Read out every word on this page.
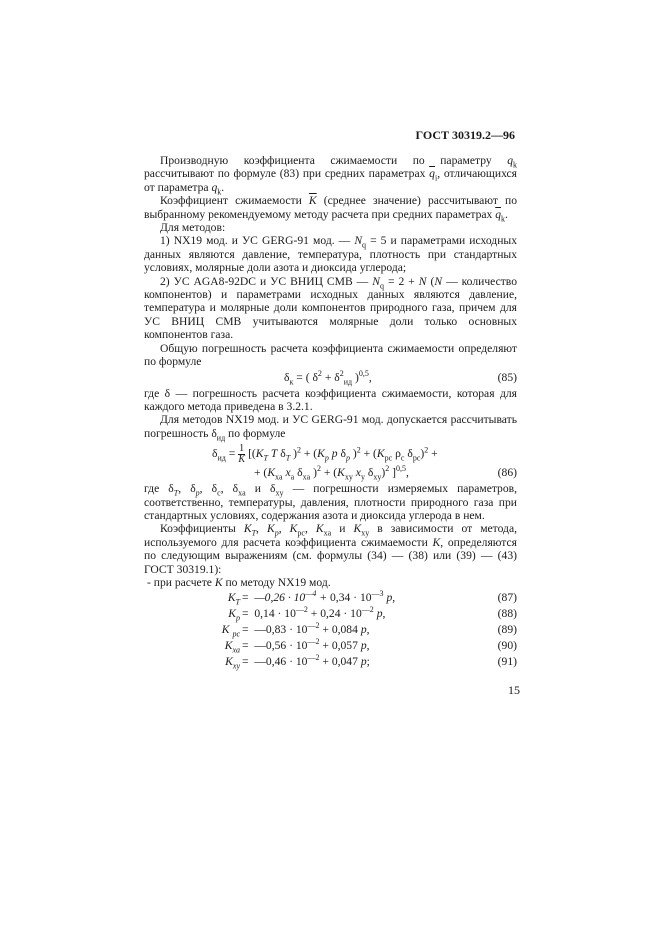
ГОСТ 30319.2—96

Производную коэффициента сжимаемости по параметру $q_k$ рассчитывают по формуле (83) при средних параметрах $\overline{q}_i$, отличающихся от параметра $q_k$.

Коэффициент сжимаемости $\overline{K}$ (среднее значение) рассчитывают по выбранному рекомендуемому методу расчета при средних параметрах $\overline{q}_k$.

Для методов:

1) NX19 мод. и УС GERG-91 мод. — $N_q = 5$ и параметрами исходных данных являются давление, температура, плотность при стандартных условиях, молярные доли азота и диоксида углерода;

2) УС AGA8-92DC и УС ВНИЦ СМВ — $N_q = 2 + N$ (N — количество компонентов) и параметрами исходных данных являются давление, температура и молярные доли компонентов природного газа, причем для УС ВНИЦ СМВ учитываются молярные доли только основных компонентов газа.

Общую погрешность расчета коэффициента сжимаемости определяют по формуле

$\delta_к$ = ( $\delta^2 + \delta^2_{ид}$ )$^{0,5}$,	(85)

где δ — погрешность расчета коэффициента сжимаемости, которая для каждого метода приведена в 3.2.1.

Для методов NX19 мод. и УС GERG-91 мод. допускается рассчитывать погрешность $\delta_{ид}$ по формуле

$\delta_{ид} = \frac{1}{K} [(K_T$ T $\delta_T$ )$^2 + (K_p$ p $\delta_p$ )$^2 + (K_{рс}$ $\rho_с$ $\delta_{рс})^2$ +
+ ($K_{xa}$ $x_a$ $\delta_{xa}$ )$^2 + (K_{xy}$ $x_y$ $\delta_{xy})^2$ ]$^{0,5}$,	(86)

где $\delta_T$, $\delta_p$, $\delta_с$, $\delta_{xa}$ и $\delta_{xy}$ — погрешности измеряемых параметров, соответственно, температуры, давления, плотности природного газа при стандартных условиях, содержания азота и диоксида углерода в нем.

Коэффициенты $K_T$, $K_p$, $K_{рс}$, $K_{xa}$ и $K_{xy}$ в зависимости от метода, используемого для расчета коэффициента сжимаемости K, определяются по следующим выражениям (см. формулы (34) — (38) или (39) — (43) ГОСТ 30319.1):

- при расчете K по методу NX19 мод.

$K_T$ =  —0,26 · $10^{—4} + 0,34 \cdot 10^{—3}$ p,	(87)
$K_p = 0,14 \cdot 10^{—2} + 0,24 \cdot 10^{—2}$ p,	(88)
K $_{рс}$ =  —0,83 · $10^{—2} + 0,084$ p,	(89)
$K_{xa}$ =  —0,56 · $10^{—2} + 0,057$ p,	(90)
$K_{xy}$ =  —0,46 · $10^{—2} + 0,047$ p;	(91)
15
